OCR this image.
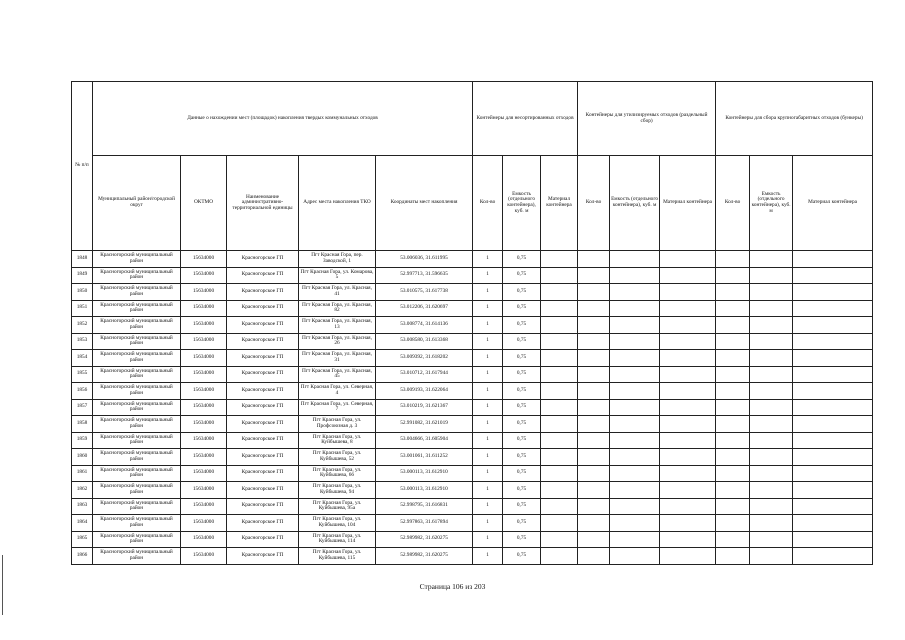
№ п/п	Данные о нахождении мест (площадок) накопления твердых коммунальных отходов					Контейнеры для несортированных отходов			Контейнеры для утилизируемых отходов (раздельный сбор)			Контейнеры для сбора крупногабаритных отходов (бункеры)		
	Муниципальный район/городской округ	ОКТМО	Наименование административно-территориальной единицы	Адрес места накопления ТКО	Координаты мест накопления	Кол-во	Емкость (отдельного контейнера), куб. м	Материал контейнера	Кол-во	Емкость (отдельного контейнера), куб. м	Материал контейнера	Кол-во	Емкость (отдельного контейнера), куб. м	Материал контейнера
1848	Красногорский муниципальный район	15634000	Красногорское ГП	Пгт Красная Гора, пер. Заводской, 1	53.006036, 31.611995	1	0,75							
1849	Красногорский муниципальный район	15634000	Красногорское ГП	Пгт Красная Гора, ул. Комарова, 5	52.997713, 31.596635	1	0,75							
1850	Красногорский муниципальный район	15634000	Красногорское ГП	Пгт Красная Гора, ул. Красная, 41	53.010575, 31.617738	1	0,75							
1851	Красногорский муниципальный район	15634000	Красногорское ГП	Пгт Красная Гора, ул. Красная, 82	53.012206, 31.620697	1	0,75							
1852	Красногорский муниципальный район	15634000	Красногорское ГП	Пгт Красная Гора, ул. Красная, 13	53.008774, 31.614136	1	0,75							
1853	Красногорский муниципальный район	15634000	Красногорское ГП	Пгт Красная Гора, ул. Красная, 26	53.008580, 31.613368	1	0,75							
1854	Красногорский муниципальный район	15634000	Красногорское ГП	Пгт Красная Гора, ул. Красная, 31	53.009392, 31.618202	1	0,75							
1855	Красногорский муниципальный район	15634000	Красногорское ГП	Пгт Красная Гора, ул. Красная, 45	53.010712, 31.617944	1	0,75							
1856	Красногорский муниципальный район	15634000	Красногорское ГП	Пгт Красная Гора, ул. Северная, 4	53.009193, 31.622064	1	0,75							
1857	Красногорский муниципальный район	15634000	Красногорское ГП	Пгт Красная Гора, ул. Северная, 7	53.010219, 31.621367	1	0,75							
1858	Красногорский муниципальный район	15634000	Красногорское ГП	Пгт Красная Гора, ул. Профсоюзная д. 3	52.991082, 31.621019	1	0,75							
1859	Красногорский муниципальный район	15634000	Красногорское ГП	Пгт Красная Гора, ул. Куйбышева, 8	53.004666, 31.605904	1	0,75							
1860	Красногорский муниципальный район	15634000	Красногорское ГП	Пгт Красная Гора, ул. Куйбышева, 52	53.001061, 31.611252	1	0,75							
1861	Красногорский муниципальный район	15634000	Красногорское ГП	Пгт Красная Гора, ул. Куйбышева, 66	53.000113, 31.612910	1	0,75							
1862	Красногорский муниципальный район	15634000	Красногорское ГП	Пгт Красная Гора, ул. Куйбышева, 94	53.000113, 31.612910	1	0,75							
1863	Красногорский муниципальный район	15634000	Красногорское ГП	Пгт Красная Гора, ул. Куйбышева, 95а	52.998795, 31.616831	1	0,75							
1864	Красногорский муниципальный район	15634000	Красногорское ГП	Пгт Красная Гора, ул. Куйбышева, 104	52.997863, 31.617894	1	0,75							
1865	Красногорский муниципальный район	15634000	Красногорское ГП	Пгт Красная Гора, ул. Куйбышева, 114	52.989982, 31.620275	1	0,75							
1866	Красногорский муниципальный район	15634000	Красногорское ГП	Пгт Красная Гора, ул. Куйбышева, 115	52.989982, 31.620275	1	0,75							
Страница 106 из 203
